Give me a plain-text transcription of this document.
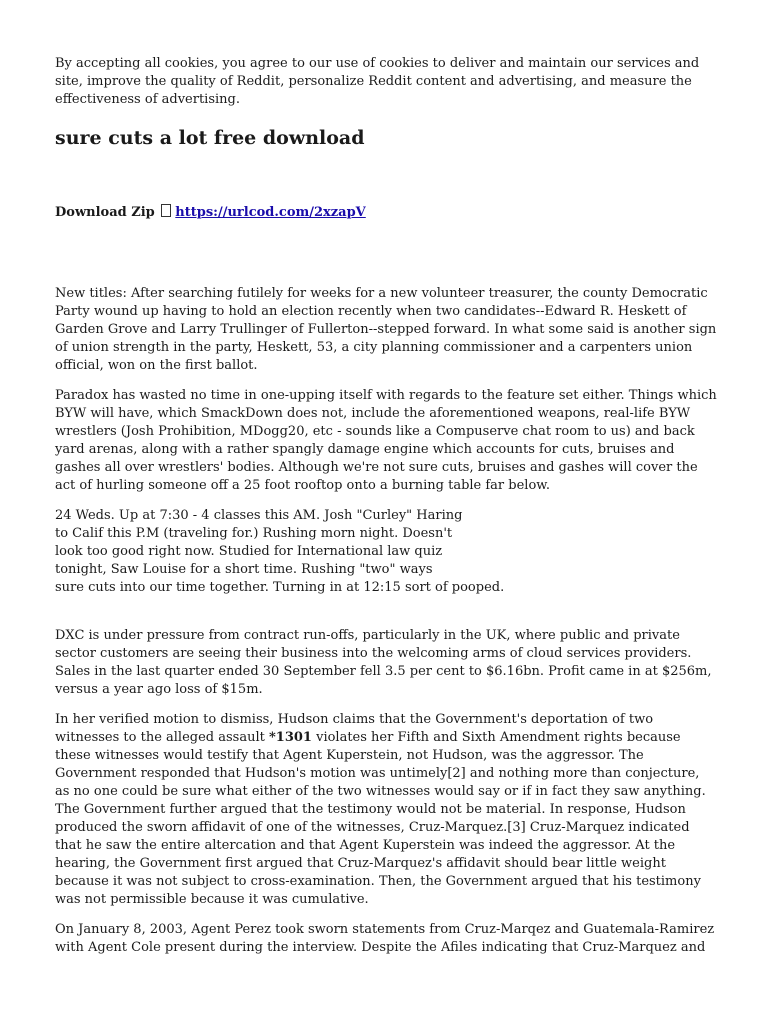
By accepting all cookies, you agree to our use of cookies to deliver and maintain our services and site, improve the quality of Reddit, personalize Reddit content and advertising, and measure the effectiveness of advertising.

sure cuts a lot free download

Download Zip https://urlcod.com/2xzapV

New titles: After searching futilely for weeks for a new volunteer treasurer, the county Democratic Party wound up having to hold an election recently when two candidates--Edward R. Heskett of Garden Grove and Larry Trullinger of Fullerton--stepped forward. In what some said is another sign of union strength in the party, Heskett, 53, a city planning commissioner and a carpenters union official, won on the first ballot.

Paradox has wasted no time in one-upping itself with regards to the feature set either. Things which BYW will have, which SmackDown does not, include the aforementioned weapons, real-life BYW wrestlers (Josh Prohibition, MDogg20, etc - sounds like a Compuserve chat room to us) and back yard arenas, along with a rather spangly damage engine which accounts for cuts, bruises and gashes all over wrestlers' bodies. Although we're not sure cuts, bruises and gashes will cover the act of hurling someone off a 25 foot rooftop onto a burning table far below.

24 Weds. Up at 7:30 - 4 classes this AM. Josh "Curley" Haring
to Calif this P.M (traveling for.) Rushing morn night. Doesn't
look too good right now. Studied for International law quiz
tonight, Saw Louise for a short time. Rushing "two" ways
sure cuts into our time together. Turning in at 12:15 sort of pooped.

DXC is under pressure from contract run-offs, particularly in the UK, where public and private sector customers are seeing their business into the welcoming arms of cloud services providers. Sales in the last quarter ended 30 September fell 3.5 per cent to $6.16bn. Profit came in at $256m, versus a year ago loss of $15m.

In her verified motion to dismiss, Hudson claims that the Government's deportation of two witnesses to the alleged assault *1301 violates her Fifth and Sixth Amendment rights because these witnesses would testify that Agent Kuperstein, not Hudson, was the aggressor. The Government responded that Hudson's motion was untimely[2] and nothing more than conjecture, as no one could be sure what either of the two witnesses would say or if in fact they saw anything. The Government further argued that the testimony would not be material. In response, Hudson produced the sworn affidavit of one of the witnesses, Cruz-Marquez.[3] Cruz-Marquez indicated that he saw the entire altercation and that Agent Kuperstein was indeed the aggressor. At the hearing, the Government first argued that Cruz-Marquez's affidavit should bear little weight because it was not subject to cross-examination. Then, the Government argued that his testimony was not permissible because it was cumulative.

On January 8, 2003, Agent Perez took sworn statements from Cruz-Marqez and Guatemala-Ramirez with Agent Cole present during the interview. Despite the Afiles indicating that Cruz-Marquez and
